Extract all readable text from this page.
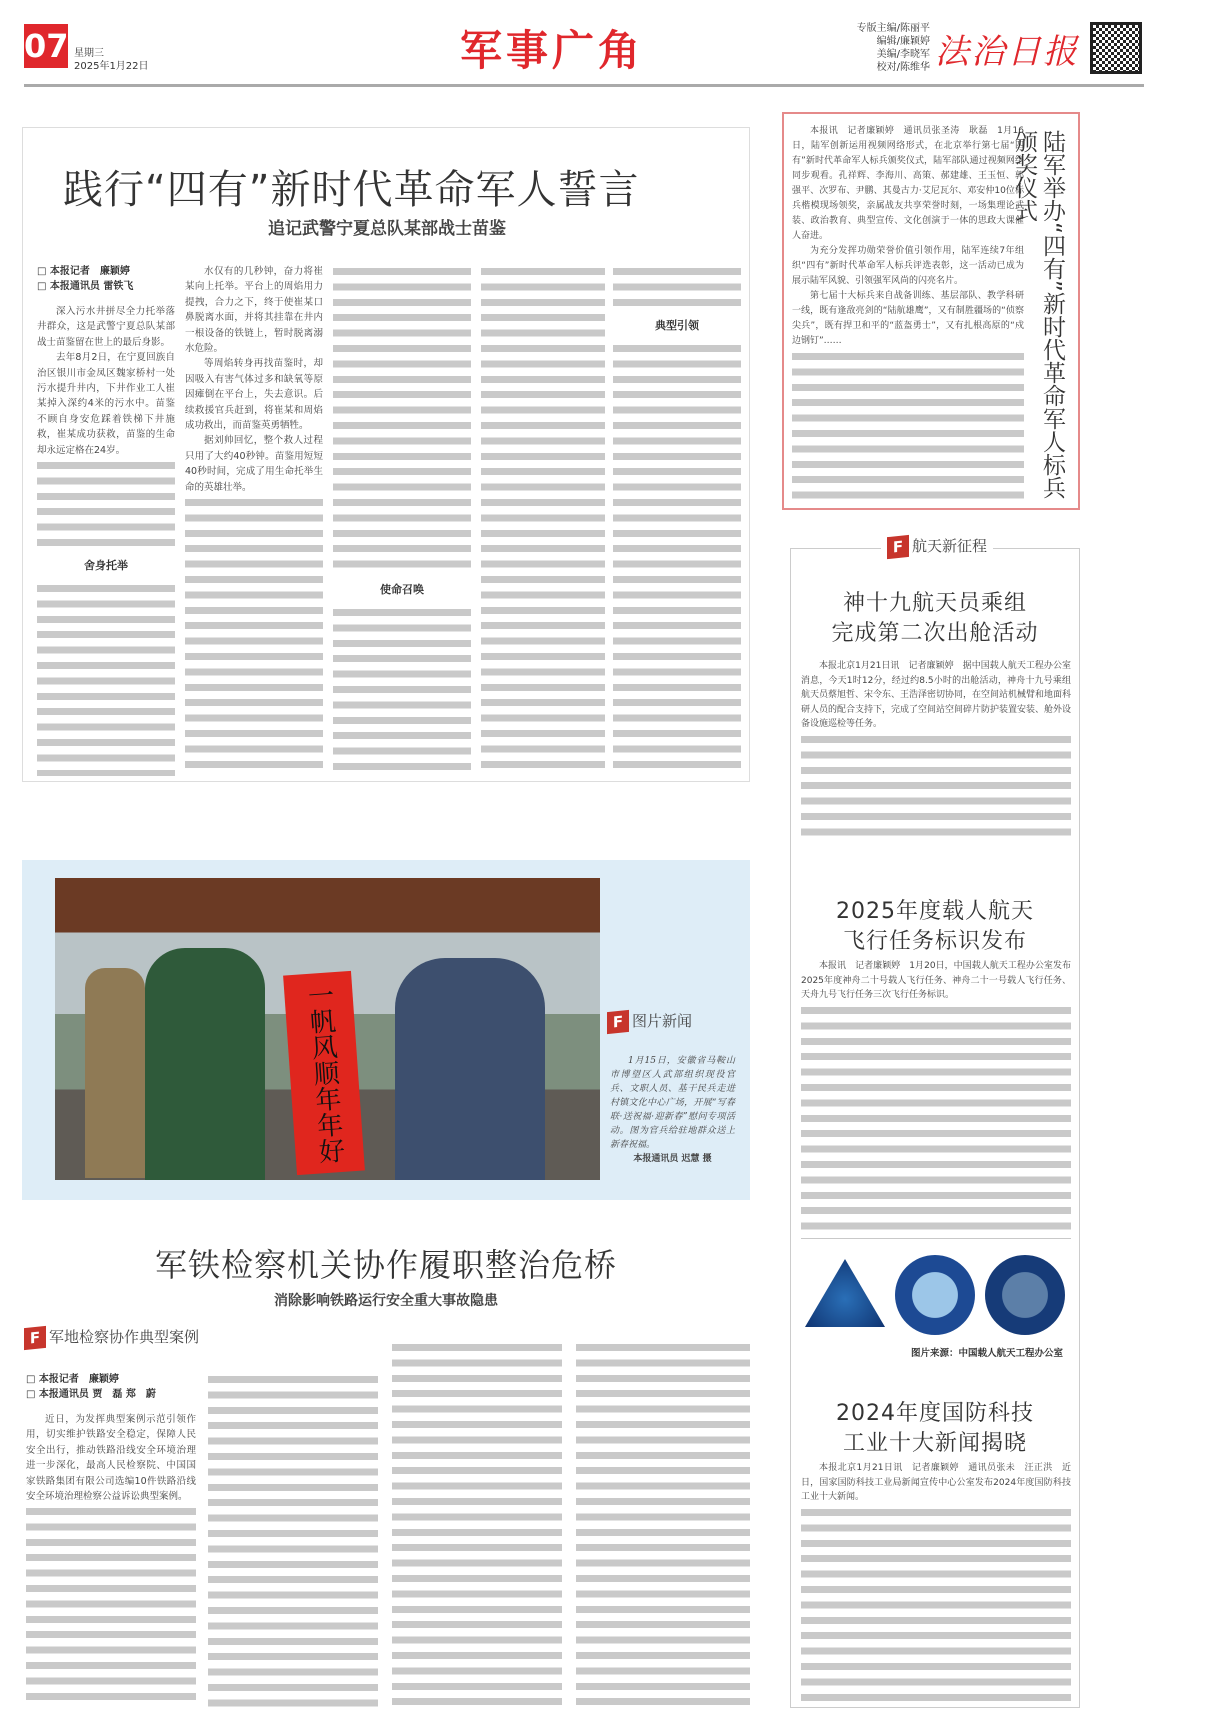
07 星期三
2025年1月22日	军事广角	专版主编/陈丽平
编辑/廉颖婷
美编/李晓军
校对/陈维华 法治日报
践行“四有”新时代革命军人誓言
追记武警宁夏总队某部战士苗鉴
□ 本报记者　廉颖婷
□ 本报通讯员 雷铁飞

深入污水井拼尽全力托举落井群众，这是武警宁夏总队某部战士苗鉴留在世上的最后身影。

去年8月2日，在宁夏回族自治区银川市金凤区魏家桥村一处污水提升井内，下井作业工人崔某掉入深约4米的污水中。苗鉴不顾自身安危踩着铁梯下井施救，崔某成功获救，苗鉴的生命却永远定格在24岁。

舍身托举

水仅有的几秒钟，奋力将崔某向上托举。平台上的周焰用力提拽，合力之下，终于使崔某口鼻脱离水面，并将其挂靠在井内一根设备的铁链上，暂时脱离溺水危险。

等周焰转身再找苗鉴时，却因吸入有害气体过多和缺氧等原因瘫倒在平台上，失去意识。后续救援官兵赶到，将崔某和周焰成功救出，而苗鉴英勇牺牲。

据刘帅回忆，整个救人过程只用了大约40秒钟。苗鉴用短短40秒时间，完成了用生命托举生命的英雄壮举。

使命召唤
典型引领

本报讯　记者廉颖婷　通讯员张圣涛　耿磊　1月16日，陆军创新运用视频网络形式，在北京举行第七届“四有”新时代革命军人标兵颁奖仪式，陆军部队通过视频网络同步观看。孔祥辉、李海川、高策、郝建雄、王玉恒、郭强平、次罗布、尹鹏、其曼古力·艾尼瓦尔、邓安仲10位标兵楷模现场领奖，亲属战友共享荣誉时刻，一场集理论武装、政治教育、典型宣传、文化创演于一体的思政大课催人奋进。

为充分发挥功勋荣誉价值引领作用，陆军连续7年组织“四有”新时代革命军人标兵评选表彰，这一活动已成为展示陆军风貌、引领强军风尚的闪亮名片。

第七届十大标兵来自战备训练、基层部队、教学科研一线，既有逢敌亮剑的“陆航雄鹰”，又有制胜疆场的“侦察尖兵”，既有捍卫和平的“蓝盔勇士”，又有扎根高原的“戍边钢钉”……	陆军举办“四有”新时代革命军人标兵颁奖仪式
F 航天新征程
神十九航天员乘组
完成第二次出舱活动

本报北京1月21日讯　记者廉颖婷　据中国载人航天工程办公室消息，今天1时12分，经过约8.5小时的出舱活动，神舟十九号乘组航天员蔡旭哲、宋令东、王浩泽密切协同，在空间站机械臂和地面科研人员的配合支持下，完成了空间站空间碎片防护装置安装、舱外设备设施巡检等任务。

2025年度载人航天
飞行任务标识发布

本报讯　记者廉颖婷　1月20日，中国载人航天工程办公室发布2025年度神舟二十号载人飞行任务、神舟二十一号载人飞行任务、天舟九号飞行任务三次飞行任务标识。

图片来源：中国载人航天工程办公室
2024年度国防科技
工业十大新闻揭晓

本报北京1月21日讯　记者廉颖婷　通讯员张未　汪正洪　近日，国家国防科技工业局新闻宣传中心公室发布2024年度国防科技工业十大新闻。

一帆风顺年年好	F 图片新闻

1月15日，安徽省马鞍山市博望区人武部组织现役官兵、文职人员、基干民兵走进村镇文化中心广场，开展“写春联·送祝福·迎新春”慰问专项活动。图为官兵给驻地群众送上新春祝福。

本报通讯员 迟慧 摄
军铁检察机关协作履职整治危桥
消除影响铁路运行安全重大事故隐患
F 军地检察协作典型案例
□ 本报记者　廉颖婷
□ 本报通讯员 贾　磊 郑　蔚

近日，为发挥典型案例示范引领作用，切实维护铁路安全稳定，保障人民安全出行，推动铁路沿线安全环境治理进一步深化，最高人民检察院、中国国家铁路集团有限公司选编10件铁路沿线安全环境治理检察公益诉讼典型案例。
